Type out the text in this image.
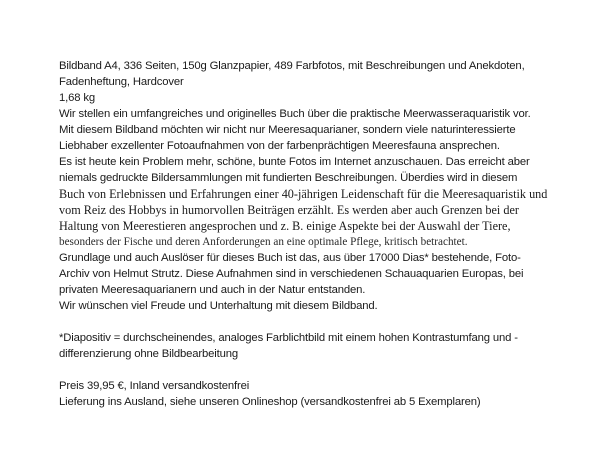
Bildband A4, 336 Seiten, 150g Glanzpapier, 489 Farbfotos, mit Beschreibungen und Anekdoten,
Fadenheftung, Hardcover
1,68 kg
Wir stellen ein umfangreiches und originelles Buch über die praktische Meerwasseraquaristik vor.
Mit diesem Bildband möchten wir nicht nur Meeresaquarianer, sondern viele naturinteressierte
Liebhaber exzellenter Fotoaufnahmen von der farbenprächtigen Meeresfauna ansprechen.
Es ist heute kein Problem mehr, schöne, bunte Fotos im Internet anzuschauen. Das erreicht aber
niemals gedruckte Bildersammlungen mit fundierten Beschreibungen. Überdies wird in diesem
Buch von Erlebnissen und Erfahrungen einer 40-jährigen Leidenschaft für die Meeresaquaristik und
vom Reiz des Hobbys in humorvollen Beiträgen erzählt. Es werden aber auch Grenzen bei der
Haltung von Meerestieren angesprochen und z. B. einige Aspekte bei der Auswahl der Tiere,
besonders der Fische und deren Anforderungen an eine optimale Pflege, kritisch betrachtet.
Grundlage und auch Auslöser für dieses Buch ist das, aus über 17000 Dias* bestehende, Foto-
Archiv von Helmut Strutz. Diese Aufnahmen sind in verschiedenen Schauaquarien Europas, bei
privaten Meeresaquarianern und auch in der Natur entstanden.
Wir wünschen viel Freude und Unterhaltung mit diesem Bildband.
*Diapositiv = durchscheinendes, analoges Farblichtbild mit einem hohen Kontrastumfang und -
differenzierung ohne Bildbearbeitung
Preis 39,95 €, Inland versandkostenfrei
Lieferung ins Ausland, siehe unseren Onlineshop (versandkostenfrei ab 5 Exemplaren)
